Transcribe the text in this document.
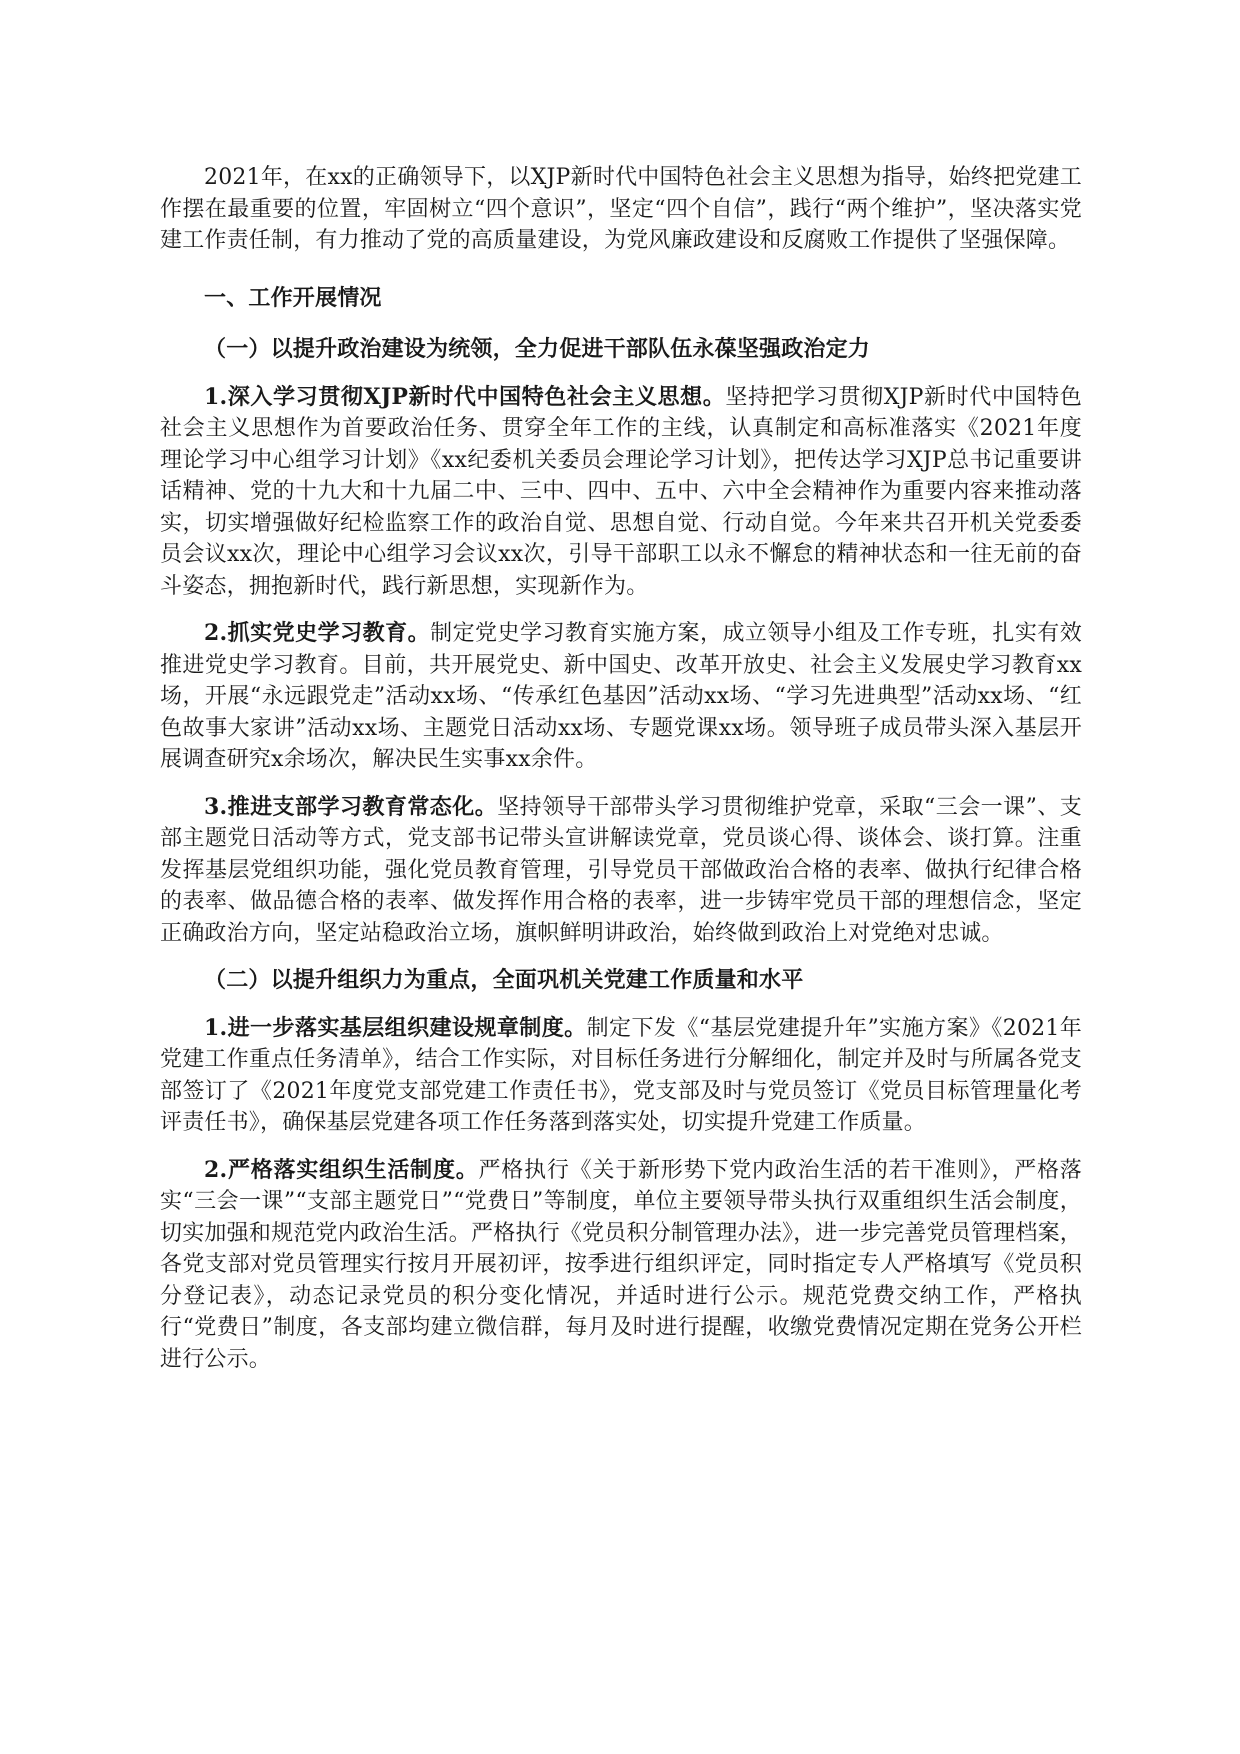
2021年，在xx的正确领导下，以XJP新时代中国特色社会主义思想为指导，始终把党建工作摆在最重要的位置，牢固树立“四个意识”，坚定“四个自信”，践行“两个维护”，坚决落实党建工作责任制，有力推动了党的高质量建设，为党风廉政建设和反腐败工作提供了坚强保障。

一、工作开展情况

（一）以提升政治建设为统领，全力促进干部队伍永葆坚强政治定力

1.深入学习贯彻XJP新时代中国特色社会主义思想。坚持把学习贯彻XJP新时代中国特色社会主义思想作为首要政治任务、贯穿全年工作的主线，认真制定和高标准落实《2021年度理论学习中心组学习计划》《xx纪委机关委员会理论学习计划》，把传达学习XJP总书记重要讲话精神、党的十九大和十九届二中、三中、四中、五中、六中全会精神作为重要内容来推动落实，切实增强做好纪检监察工作的政治自觉、思想自觉、行动自觉。今年来共召开机关党委委员会议xx次，理论中心组学习会议xx次，引导干部职工以永不懈怠的精神状态和一往无前的奋斗姿态，拥抱新时代，践行新思想，实现新作为。

2.抓实党史学习教育。制定党史学习教育实施方案，成立领导小组及工作专班，扎实有效推进党史学习教育。目前，共开展党史、新中国史、改革开放史、社会主义发展史学习教育xx场，开展“永远跟党走”活动xx场、“传承红色基因”活动xx场、“学习先进典型”活动xx场、“红色故事大家讲”活动xx场、主题党日活动xx场、专题党课xx场。领导班子成员带头深入基层开展调查研究x余场次，解决民生实事xx余件。

3.推进支部学习教育常态化。坚持领导干部带头学习贯彻维护党章，采取“三会一课”、支部主题党日活动等方式，党支部书记带头宣讲解读党章，党员谈心得、谈体会、谈打算。注重发挥基层党组织功能，强化党员教育管理，引导党员干部做政治合格的表率、做执行纪律合格的表率、做品德合格的表率、做发挥作用合格的表率，进一步铸牢党员干部的理想信念，坚定正确政治方向，坚定站稳政治立场，旗帜鲜明讲政治，始终做到政治上对党绝对忠诚。

（二）以提升组织力为重点，全面巩机关党建工作质量和水平

1.进一步落实基层组织建设规章制度。制定下发《“基层党建提升年”实施方案》《2021年党建工作重点任务清单》，结合工作实际，对目标任务进行分解细化，制定并及时与所属各党支部签订了《2021年度党支部党建工作责任书》，党支部及时与党员签订《党员目标管理量化考评责任书》，确保基层党建各项工作任务落到落实处，切实提升党建工作质量。

2.严格落实组织生活制度。严格执行《关于新形势下党内政治生活的若干准则》，严格落实“三会一课”“支部主题党日”“党费日”等制度，单位主要领导带头执行双重组织生活会制度，切实加强和规范党内政治生活。严格执行《党员积分制管理办法》，进一步完善党员管理档案，各党支部对党员管理实行按月开展初评，按季进行组织评定，同时指定专人严格填写《党员积分登记表》，动态记录党员的积分变化情况，并适时进行公示。规范党费交纳工作，严格执行“党费日”制度，各支部均建立微信群，每月及时进行提醒，收缴党费情况定期在党务公开栏进行公示。
